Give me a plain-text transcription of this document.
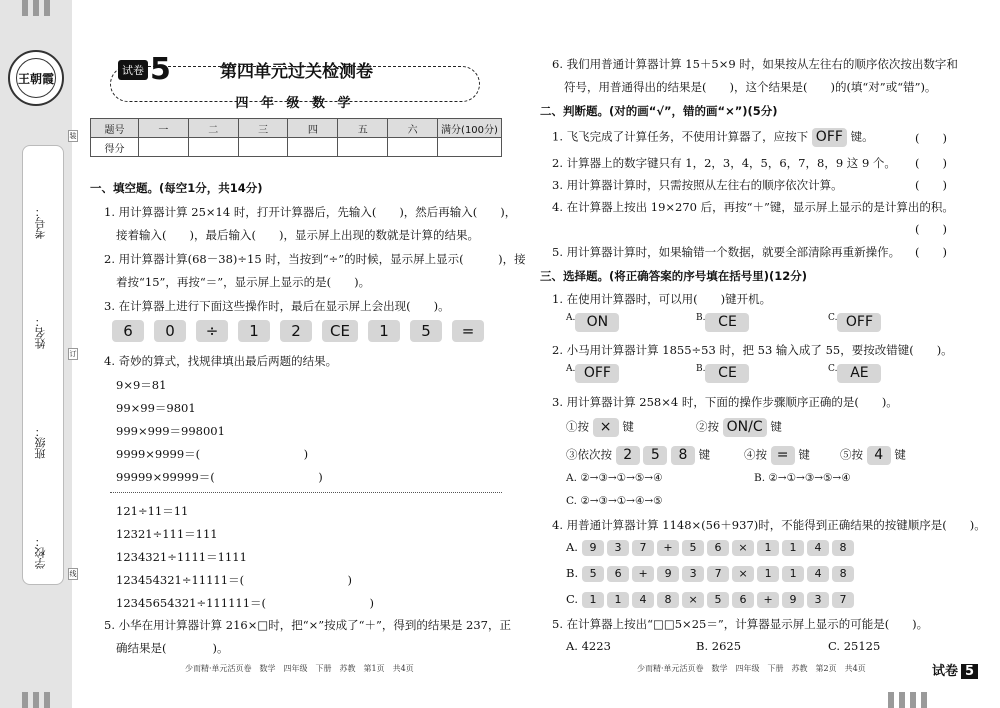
王朝霞
考号：
姓名：
班级：
学校：
装
订
线
试卷 5	第四单元过关检测卷
四 年 级 数 学
题号	一	二	三	四	五	六	满分(100分)
得分							
一、填空题。(每空1分，共14分)
1. 用计算器计算 25×14 时，打开计算器后，先输入(　　)，然后再输入(　　)，
接着输入(　　)，最后输入(　　)，显示屏上出现的数就是计算的结果。
2. 用计算器计算(68－38)÷15 时，当按到“÷”的时候，显示屏上显示(　　　)，接
着按“15”，再按“＝”，显示屏上显示的是(　　)。
3. 在计算器上进行下面这些操作时，最后在显示屏上会出现(　　)。
6 0 ÷ 1 2 CE 1 5 =
4. 奇妙的算式，找规律填出最后两题的结果。
9×9＝81
99×99＝9801
999×999＝998001
9999×9999＝(　　　　　　　　　)
99999×99999＝(　　　　　　　　　)
121÷11＝11
12321÷111＝111
1234321÷1111＝1111
123454321÷11111＝(　　　　　　　　　)
12345654321÷111111＝(　　　　　　　　　)
5. 小华在用计算器计算 216×□时，把“×”按成了“＋”，得到的结果是 237，正
确结果是(　　　　)。
少而精·单元活页卷　数学　四年级　下册　苏教　第1页　共4页
6. 我们用普通计算器计算 15＋5×9 时，如果按从左往右的顺序依次按出数字和
符号，用普通得出的结果是(　　)，这个结果是(　　)的(填“对”或“错”)。
二、判断题。(对的画“√”，错的画“×”)(5分)
1. 飞飞完成了计算任务，不使用计算器了，应按下 OFF 键。	(　　)
2. 计算器上的数字键只有 1，2，3，4，5，6，7，8，9 这 9 个。 (　　)
3. 用计算器计算时，只需按照从左往右的顺序依次计算。	(　　)
4. 在计算器上按出 19×270 后，再按“＋”键，显示屏上显示的是计算出的积。
(　　)
5. 用计算器计算时，如果输错一个数据，就要全部清除再重新操作。 (　　)
三、选择题。(将正确答案的序号填在括号里)(12分)
1. 在使用计算器时，可以用(　　)键开机。
$^{A.}$ ON	$^{B.}$ CE	$^{C.}$ OFF
2. 小马用计算器计算 1855÷53 时，把 53 输入成了 55，要按改错键(　　)。
$^{A.}$ OFF	$^{B.}$ CE	$^{C.}$ AE
3. 用计算器计算 258×4 时，下面的操作步骤顺序正确的是(　　)。
①按 × 键	②按 ON/C 键
③依次按 2 5 8 键	④按 = 键	⑤按 4 键
A. ②→③→①→⑤→④	B. ②→①→③→⑤→④
C. ②→③→①→④→⑤
4. 用普通计算器计算 1148×(56＋937)时，不能得到正确结果的按键顺序是(　　)。
A. 9 3 7 + 5 6 × 1 1 4 8
B. 5 6 + 9 3 7 × 1 1 4 8
C. 1 1 4 8 × 5 6 + 9 3 7
5. 在计算器上按出“□□5×25＝”，计算器显示屏上显示的可能是(　　)。
A. 4223	B. 2625	C. 25125
少而精·单元活页卷　数学　四年级　下册　苏教　第2页　共4页	试卷 5
